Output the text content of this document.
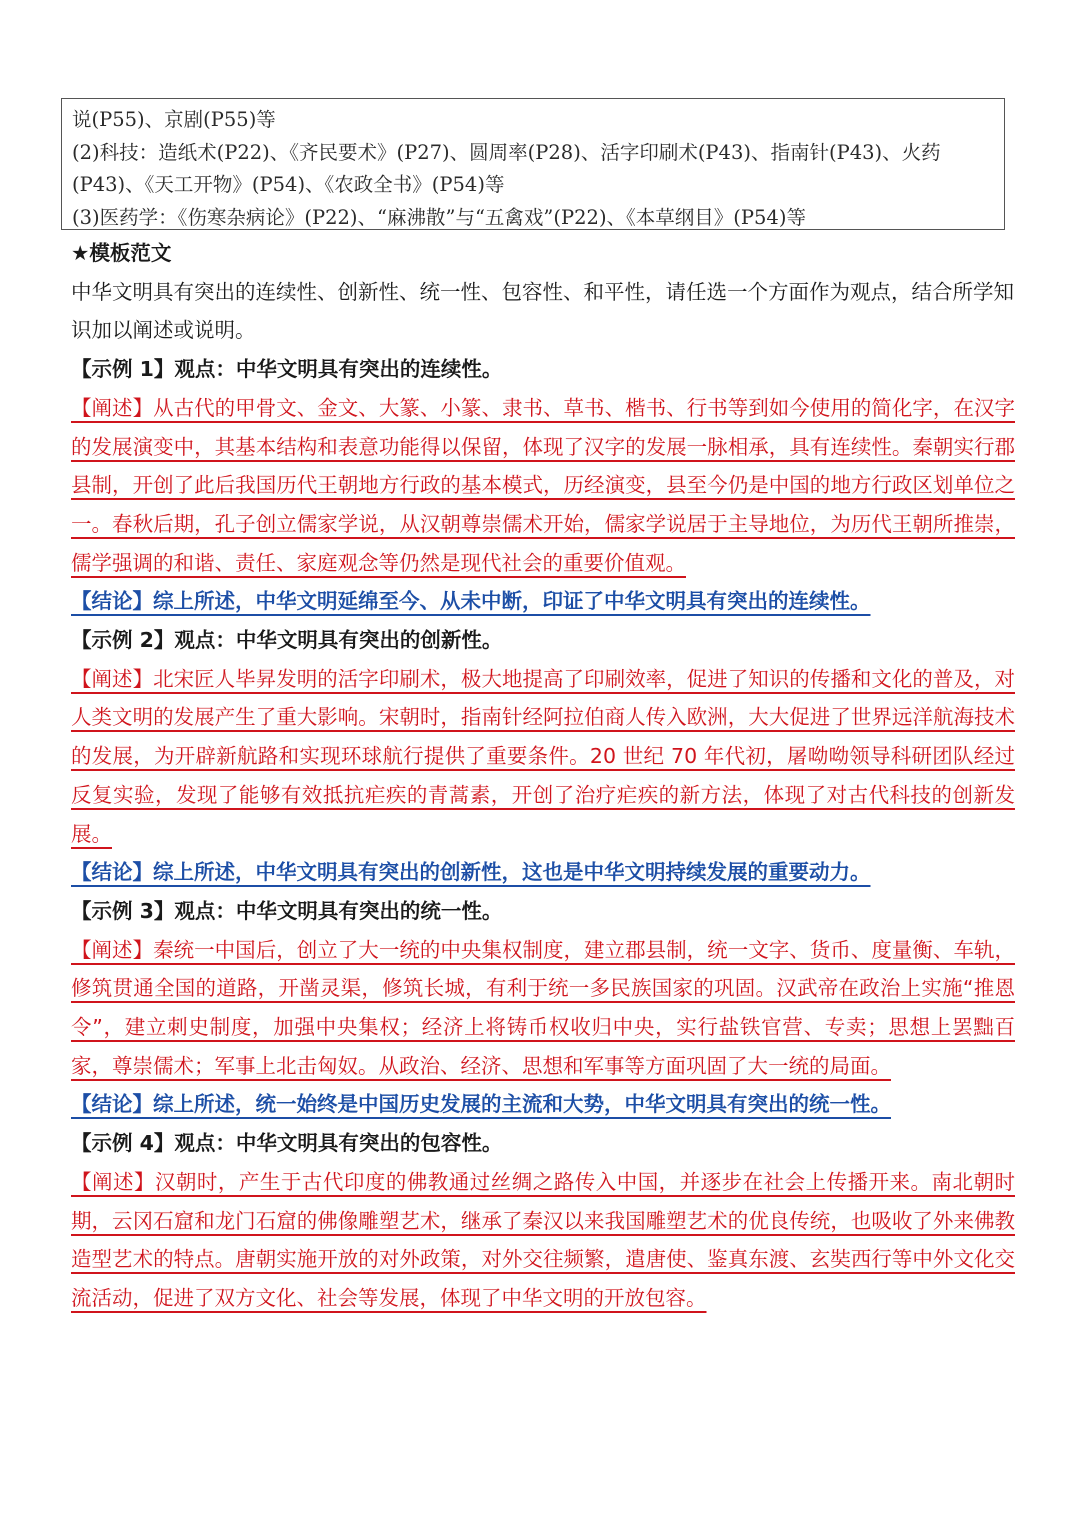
说(P55)、京剧(P55)等

(2)科技：造纸术(P22)、《齐民要术》(P27)、圆周率(P28)、活字印刷术(P43)、指南针(P43)、火药

(P43)、《天工开物》(P54)、《农政全书》(P54)等

(3)医药学：《伤寒杂病论》(P22)、“麻沸散”与“五禽戏”(P22)、《本草纲目》(P54)等

★模板范文

中华文明具有突出的连续性、创新性、统一性、包容性、和平性，请任选一个方面作为观点，结合所学知识加以阐述或说明。

【示例 1】观点：中华文明具有突出的连续性。

【阐述】从古代的甲骨文、金文、大篆、小篆、隶书、草书、楷书、行书等到如今使用的简化字，在汉字的发展演变中，其基本结构和表意功能得以保留，体现了汉字的发展一脉相承，具有连续性。秦朝实行郡县制，开创了此后我国历代王朝地方行政的基本模式，历经演变，县至今仍是中国的地方行政区划单位之一。春秋后期，孔子创立儒家学说，从汉朝尊崇儒术开始，儒家学说居于主导地位，为历代王朝所推崇，儒学强调的和谐、责任、家庭观念等仍然是现代社会的重要价值观。

【结论】综上所述，中华文明延绵至今、从未中断，印证了中华文明具有突出的连续性。

【示例 2】观点：中华文明具有突出的创新性。

【阐述】北宋匠人毕昇发明的活字印刷术，极大地提高了印刷效率，促进了知识的传播和文化的普及，对人类文明的发展产生了重大影响。宋朝时，指南针经阿拉伯商人传入欧洲，大大促进了世界远洋航海技术的发展，为开辟新航路和实现环球航行提供了重要条件。20 世纪 70 年代初，屠呦呦领导科研团队经过反复实验，发现了能够有效抵抗疟疾的青蒿素，开创了治疗疟疾的新方法，体现了对古代科技的创新发展。

【结论】综上所述，中华文明具有突出的创新性，这也是中华文明持续发展的重要动力。

【示例 3】观点：中华文明具有突出的统一性。

【阐述】秦统一中国后，创立了大一统的中央集权制度，建立郡县制，统一文字、货币、度量衡、车轨，修筑贯通全国的道路，开凿灵渠，修筑长城，有利于统一多民族国家的巩固。汉武帝在政治上实施“推恩令”，建立刺史制度，加强中央集权；经济上将铸币权收归中央，实行盐铁官营、专卖；思想上罢黜百家，尊崇儒术；军事上北击匈奴。从政治、经济、思想和军事等方面巩固了大一统的局面。

【结论】综上所述，统一始终是中国历史发展的主流和大势，中华文明具有突出的统一性。

【示例 4】观点：中华文明具有突出的包容性。

【阐述】汉朝时，产生于古代印度的佛教通过丝绸之路传入中国，并逐步在社会上传播开来。南北朝时期，云冈石窟和龙门石窟的佛像雕塑艺术，继承了秦汉以来我国雕塑艺术的优良传统，也吸收了外来佛教造型艺术的特点。唐朝实施开放的对外政策，对外交往频繁，遣唐使、鉴真东渡、玄奘西行等中外文化交流活动，促进了双方文化、社会等发展，体现了中华文明的开放包容。
